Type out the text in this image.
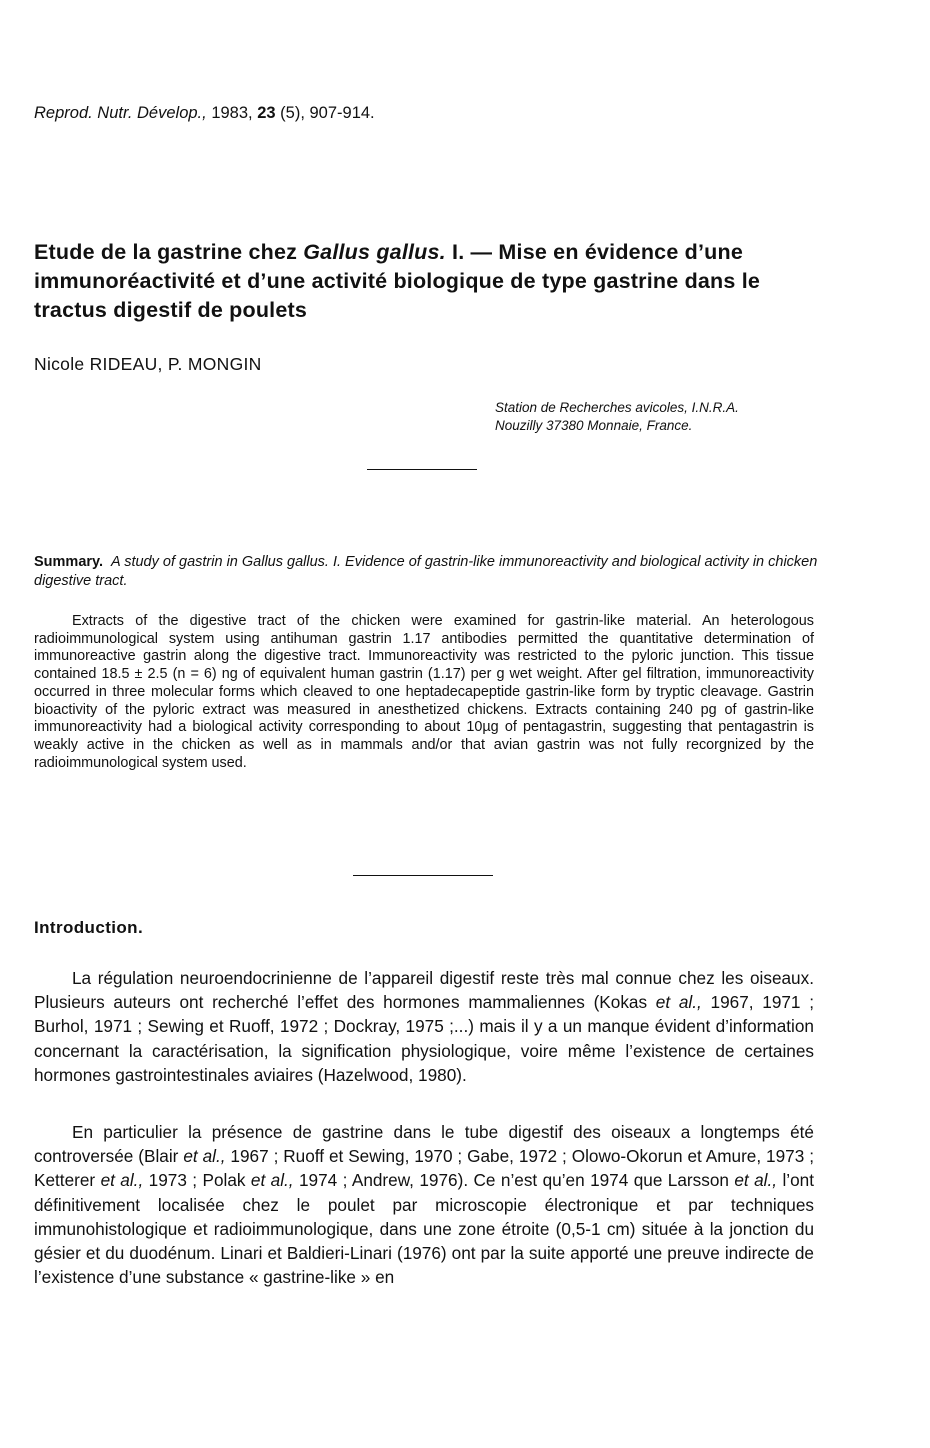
Reprod. Nutr. Dévelop., 1983, 23 (5), 907-914.
Etude de la gastrine chez Gallus gallus. I. — Mise en évidence d’une immunoréactivité et d’une activité biologique de type gastrine dans le tractus digestif de poulets
Nicole RIDEAU, P. MONGIN
Station de Recherches avicoles, I.N.R.A.
Nouzilly 37380 Monnaie, France.

Summary. A study of gastrin in Gallus gallus. I. Evidence of gastrin-like immunoreactivity and biological activity in chicken digestive tract.

Extracts of the digestive tract of the chicken were examined for gastrin-like material. An heterologous radioimmunological system using antihuman gastrin 1.17 antibodies permitted the quantitative determination of immunoreactive gastrin along the digestive tract. Immunoreactivity was restricted to the pyloric junction. This tissue contained 18.5 ± 2.5 (n = 6) ng of equivalent human gastrin (1.17) per g wet weight. After gel filtration, immunoreactivity occurred in three molecular forms which cleaved to one heptadecapeptide gastrin-like form by tryptic cleavage. Gastrin bioactivity of the pyloric extract was measured in anesthetized chickens. Extracts containing 240 pg of gastrin-like immunoreactivity had a biological activity corresponding to about 10µg of pentagastrin, suggesting that pentagastrin is weakly active in the chicken as well as in mammals and/or that avian gastrin was not fully recorgnized by the radioimmunological system used.

Introduction.

La régulation neuroendocrinienne de l’appareil digestif reste très mal connue chez les oiseaux. Plusieurs auteurs ont recherché l’effet des hormones mammaliennes (Kokas et al., 1967, 1971 ; Burhol, 1971 ; Sewing et Ruoff, 1972 ; Dockray, 1975 ;...) mais il y a un manque évident d’information concernant la caractérisation, la signification physiologique, voire même l’existence de certaines hormones gastrointestinales aviaires (Hazelwood, 1980).

En particulier la présence de gastrine dans le tube digestif des oiseaux a longtemps été controversée (Blair et al., 1967 ; Ruoff et Sewing, 1970 ; Gabe, 1972 ; Olowo-Okorun et Amure, 1973 ; Ketterer et al., 1973 ; Polak et al., 1974 ; Andrew, 1976). Ce n’est qu’en 1974 que Larsson et al., l’ont définitivement localisée chez le poulet par microscopie électronique et par techniques immunohistologique et radioimmunologique, dans une zone étroite (0,5-1 cm) située à la jonction du gésier et du duodénum. Linari et Baldieri-Linari (1976) ont par la suite apporté une preuve indirecte de l’existence d’une substance « gastrine-like » en
